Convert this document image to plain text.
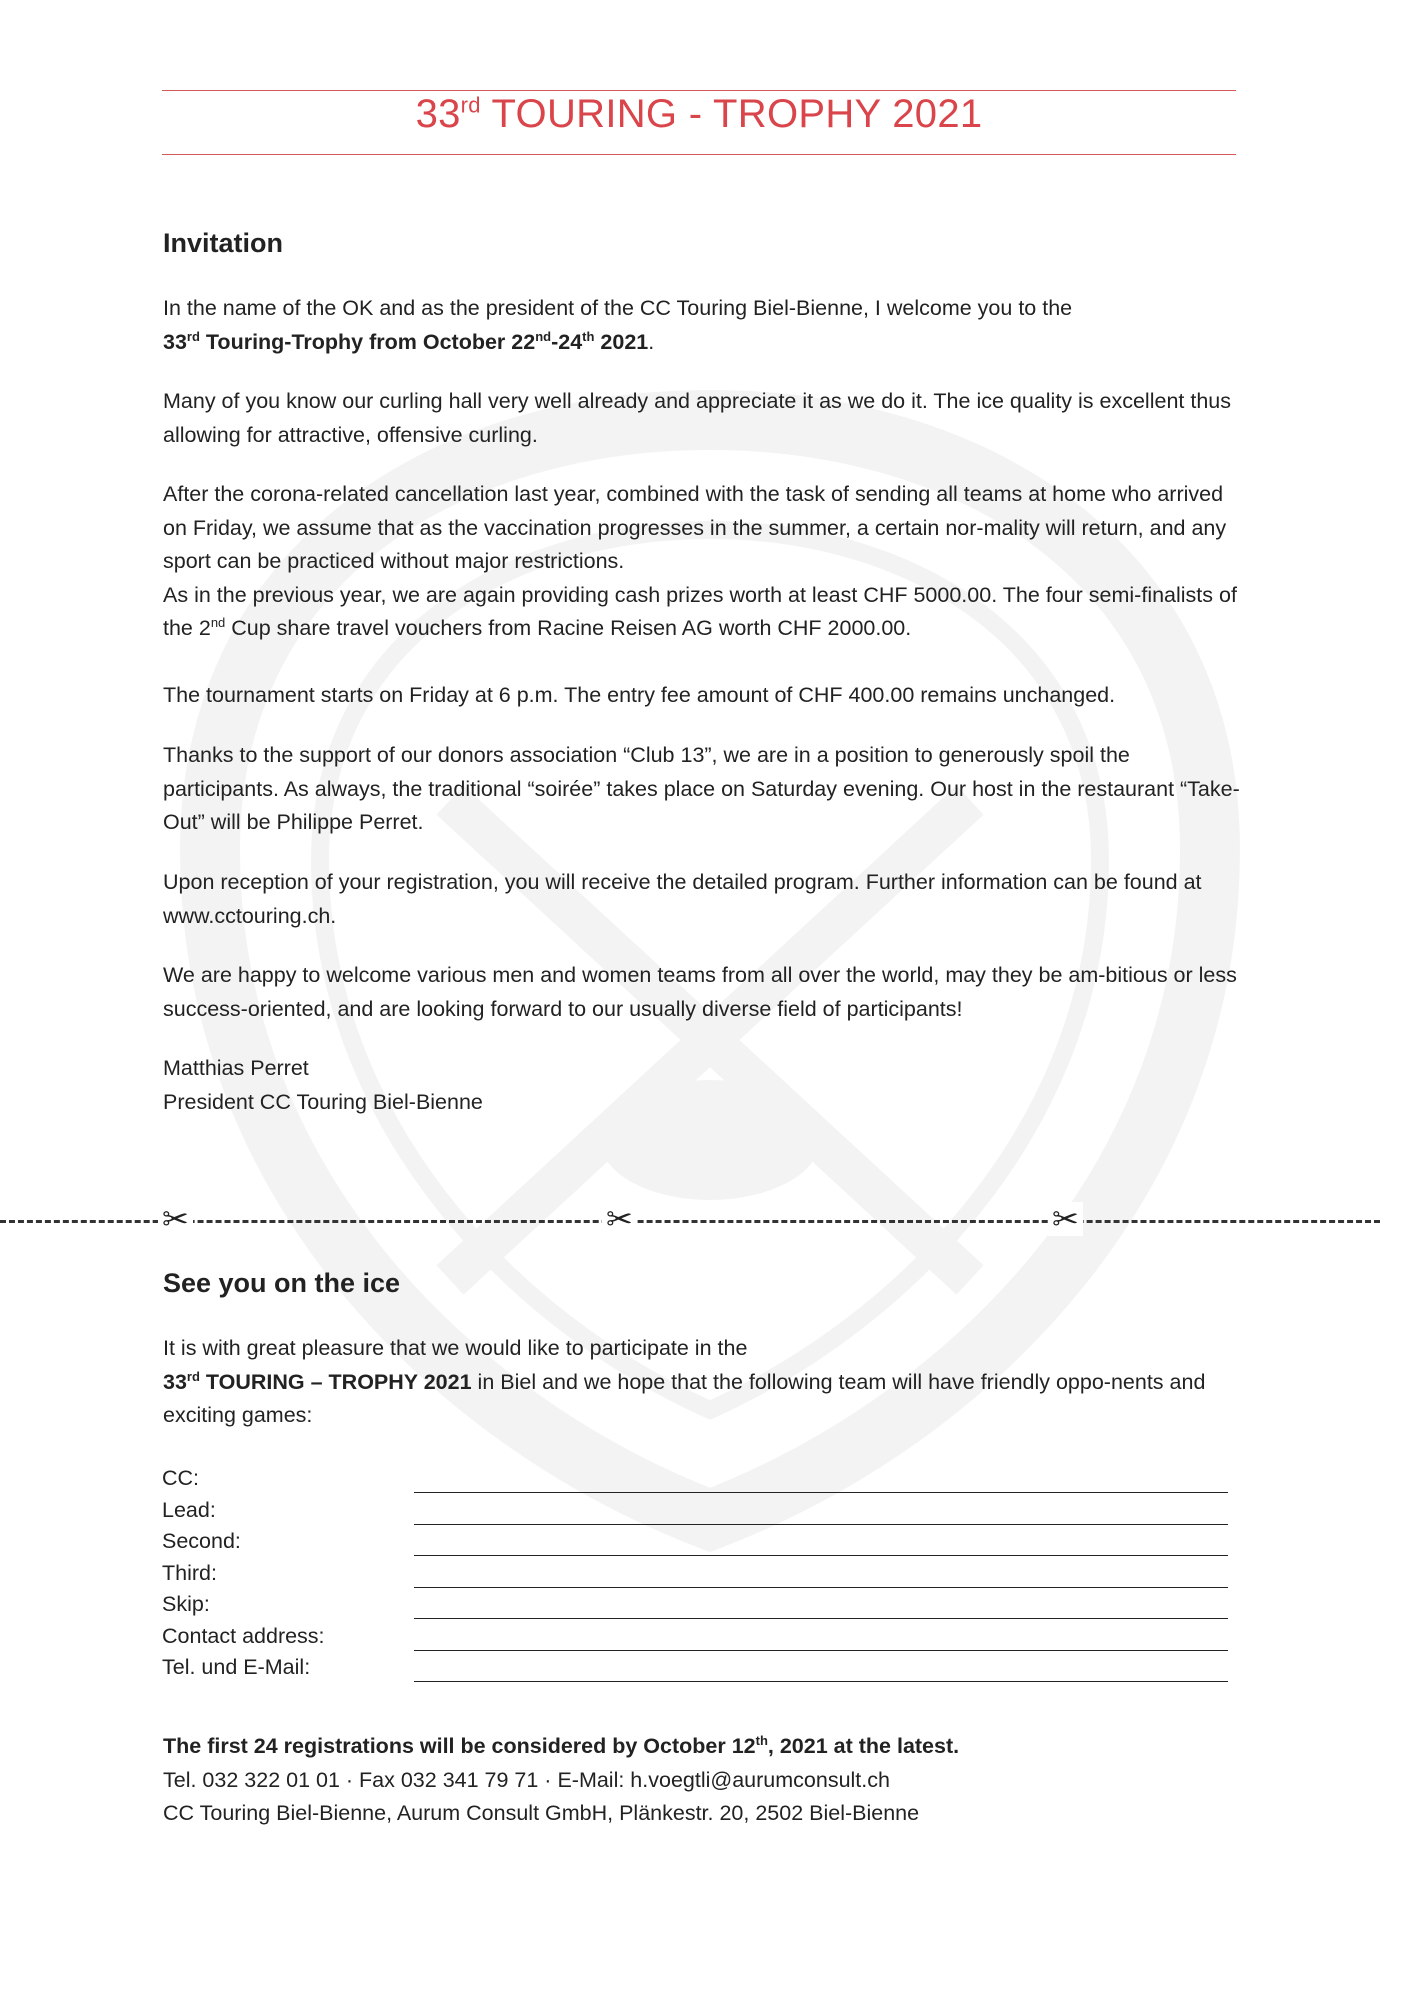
33rd TOURING - TROPHY 2021
Invitation
In the name of the OK and as the president of the CC Touring Biel-Bienne, I welcome you to the
33rd Touring-Trophy from October 22nd-24th 2021.
Many of you know our curling hall very well already and appreciate it as we do it. The ice quality is excellent thus allowing for attractive, offensive curling.
After the corona-related cancellation last year, combined with the task of sending all teams at home who arrived on Friday, we assume that as the vaccination progresses in the summer, a certain nor-mality will return, and any sport can be practiced without major restrictions.
As in the previous year, we are again providing cash prizes worth at least CHF 5000.00. The four semi-finalists of the 2nd Cup share travel vouchers from Racine Reisen AG worth CHF 2000.00.
The tournament starts on Friday at 6 p.m. The entry fee amount of CHF 400.00 remains unchanged.
Thanks to the support of our donors association “Club 13”, we are in a position to generously spoil the participants. As always, the traditional “soirée” takes place on Saturday evening. Our host in the restaurant “Take-Out” will be Philippe Perret.
Upon reception of your registration, you will receive the detailed program. Further information can be found at www.cctouring.ch.
We are happy to welcome various men and women teams from all over the world, may they be am-bitious or less success-oriented, and are looking forward to our usually diverse field of participants!
Matthias Perret
President CC Touring Biel-Bienne
✂	✂	✂
See you on the ice
It is with great pleasure that we would like to participate in the
33rd TOURING – TROPHY 2021 in Biel and we hope that the following team will have friendly oppo-nents and exciting games:
CC:
Lead:
Second:
Third:
Skip:
Contact address:
Tel. und E-Mail:
The first 24 registrations will be considered by October 12th, 2021 at the latest.
Tel. 032 322 01 01 · Fax 032 341 79 71 · E-Mail: h.voegtli@aurumconsult.ch
CC Touring Biel-Bienne, Aurum Consult GmbH, Plänkestr. 20, 2502 Biel-Bienne
